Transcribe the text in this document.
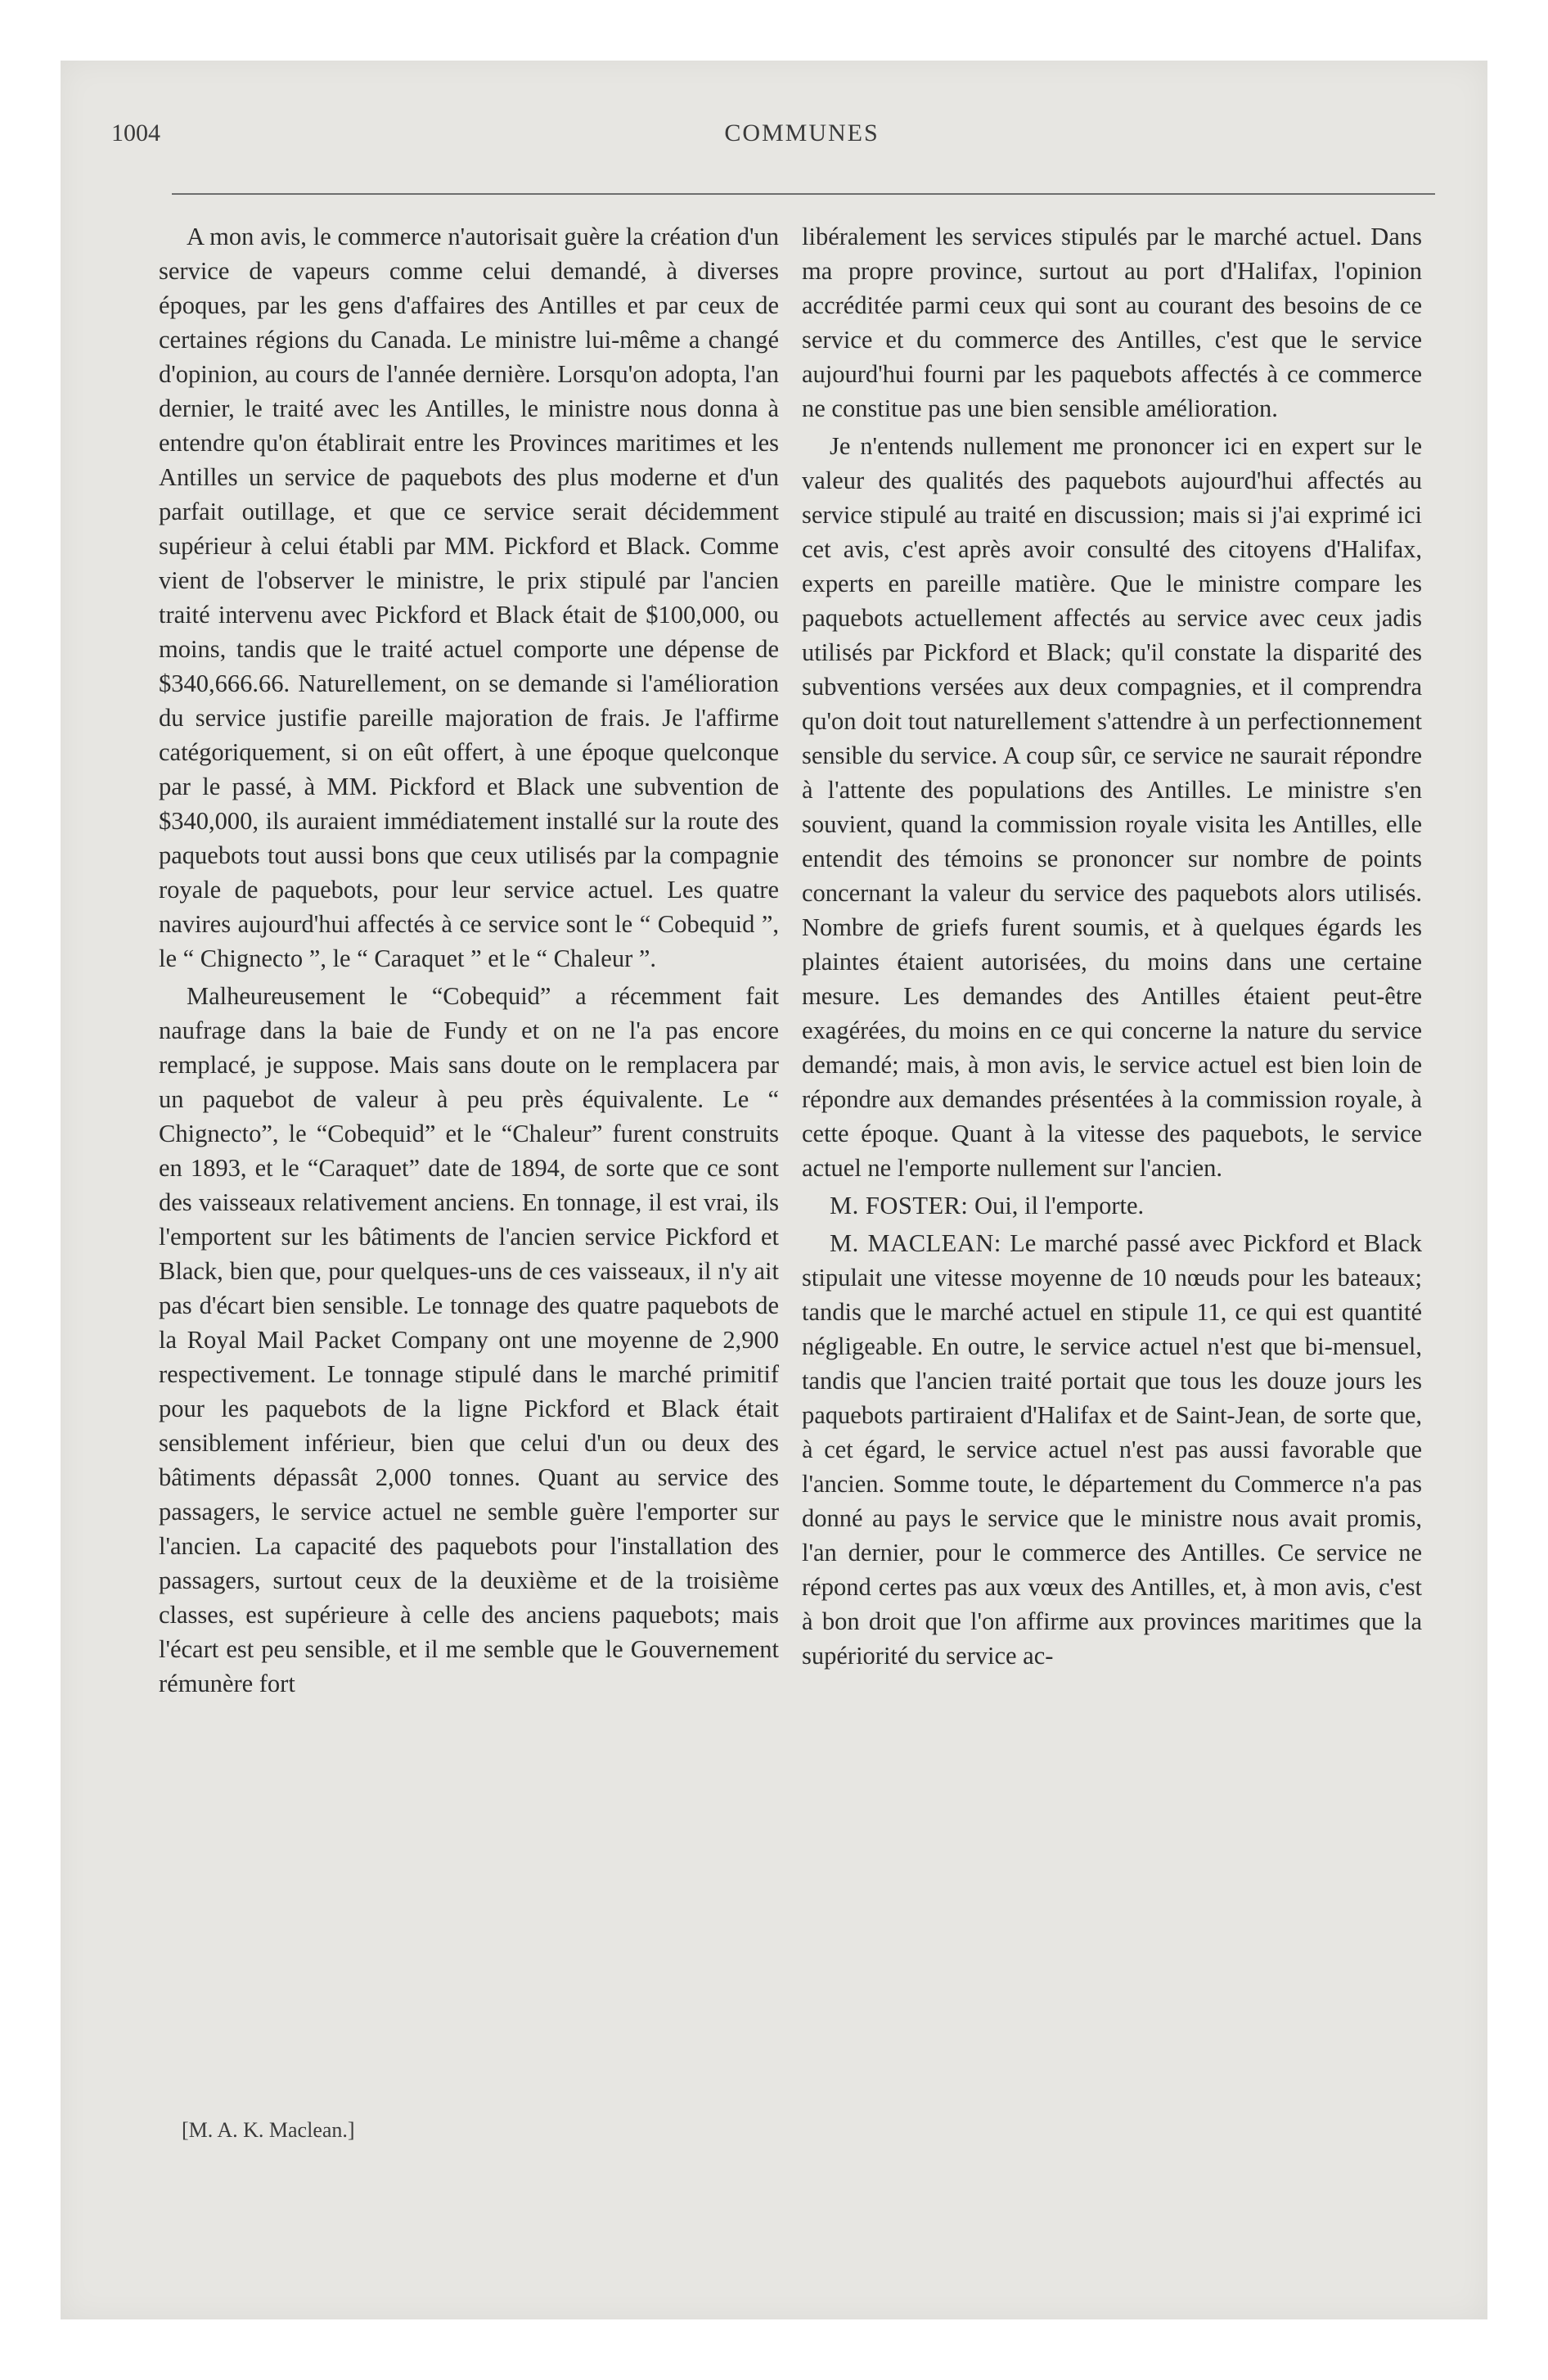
1004	COMMUNES

A mon avis, le commerce n'autorisait guère la création d'un service de vapeurs comme celui demandé, à diverses époques, par les gens d'affaires des Antilles et par ceux de certaines régions du Canada. Le ministre lui-même a changé d'opinion, au cours de l'année dernière. Lorsqu'on adopta, l'an dernier, le traité avec les Antilles, le ministre nous donna à entendre qu'on établirait entre les Provinces maritimes et les Antilles un service de paquebots des plus moderne et d'un parfait outillage, et que ce service serait décidemment supérieur à celui établi par MM. Pickford et Black. Comme vient de l'observer le ministre, le prix stipulé par l'ancien traité intervenu avec Pickford et Black était de $100,000, ou moins, tandis que le traité actuel comporte une dépense de $340,666.66. Naturellement, on se demande si l'amélioration du service justifie pareille majoration de frais. Je l'affirme catégoriquement, si on eût offert, à une époque quelconque par le passé, à MM. Pickford et Black une subvention de $340,000, ils auraient immédiatement installé sur la route des paquebots tout aussi bons que ceux utilisés par la compagnie royale de paquebots, pour leur service actuel. Les quatre navires aujourd'hui affectés à ce service sont le “ Cobequid ”, le “ Chignecto ”, le “ Caraquet ” et le “ Chaleur ”.

Malheureusement le “Cobequid” a récemment fait naufrage dans la baie de Fundy et on ne l'a pas encore remplacé, je suppose. Mais sans doute on le remplacera par un paquebot de valeur à peu près équivalente. Le “ Chignecto”, le “Cobequid” et le “Chaleur” furent construits en 1893, et le “Caraquet” date de 1894, de sorte que ce sont des vaisseaux relativement anciens. En tonnage, il est vrai, ils l'emportent sur les bâtiments de l'ancien service Pickford et Black, bien que, pour quelques-uns de ces vaisseaux, il n'y ait pas d'écart bien sensible. Le tonnage des quatre paquebots de la Royal Mail Packet Company ont une moyenne de 2,900 respectivement. Le tonnage stipulé dans le marché primitif pour les paquebots de la ligne Pickford et Black était sensiblement inférieur, bien que celui d'un ou deux des bâtiments dépassât 2,000 tonnes. Quant au service des passagers, le service actuel ne semble guère l'emporter sur l'ancien. La capacité des paquebots pour l'installation des passagers, surtout ceux de la deuxième et de la troisième classes, est supérieure à celle des anciens paquebots; mais l'écart est peu sensible, et il me semble que le Gouvernement rémunère fort

libéralement les services stipulés par le marché actuel. Dans ma propre province, surtout au port d'Halifax, l'opinion accréditée parmi ceux qui sont au courant des besoins de ce service et du commerce des Antilles, c'est que le service aujourd'hui fourni par les paquebots affectés à ce commerce ne constitue pas une bien sensible amélioration.

Je n'entends nullement me prononcer ici en expert sur le valeur des qualités des paquebots aujourd'hui affectés au service stipulé au traité en discussion; mais si j'ai exprimé ici cet avis, c'est après avoir consulté des citoyens d'Halifax, experts en pareille matière. Que le ministre compare les paquebots actuellement affectés au service avec ceux jadis utilisés par Pickford et Black; qu'il constate la disparité des subventions versées aux deux compagnies, et il comprendra qu'on doit tout naturellement s'attendre à un perfectionnement sensible du service. A coup sûr, ce service ne saurait répondre à l'attente des populations des Antilles. Le ministre s'en souvient, quand la commission royale visita les Antilles, elle entendit des témoins se prononcer sur nombre de points concernant la valeur du service des paquebots alors utilisés. Nombre de griefs furent soumis, et à quelques égards les plaintes étaient autorisées, du moins dans une certaine mesure. Les demandes des Antilles étaient peut-être exagérées, du moins en ce qui concerne la nature du service demandé; mais, à mon avis, le service actuel est bien loin de répondre aux demandes présentées à la commission royale, à cette époque. Quant à la vitesse des paquebots, le service actuel ne l'emporte nullement sur l'ancien.

M. FOSTER: Oui, il l'emporte.

M. MACLEAN: Le marché passé avec Pickford et Black stipulait une vitesse moyenne de 10 nœuds pour les bateaux; tandis que le marché actuel en stipule 11, ce qui est quantité négligeable. En outre, le service actuel n'est que bi-mensuel, tandis que l'ancien traité portait que tous les douze jours les paquebots partiraient d'Halifax et de Saint-Jean, de sorte que, à cet égard, le service actuel n'est pas aussi favorable que l'ancien. Somme toute, le département du Commerce n'a pas donné au pays le service que le ministre nous avait promis, l'an dernier, pour le commerce des Antilles. Ce service ne répond certes pas aux vœux des Antilles, et, à mon avis, c'est à bon droit que l'on affirme aux provinces maritimes que la supériorité du service ac-

[M. A. K. Maclean.]
